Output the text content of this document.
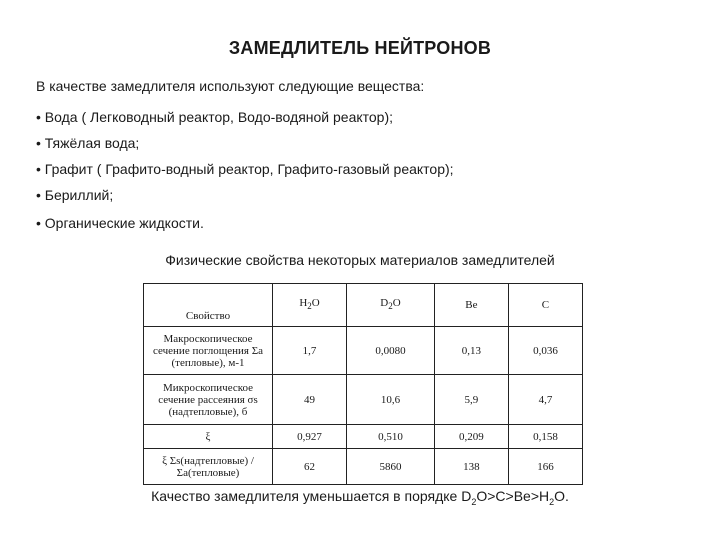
ЗАМЕДЛИТЕЛЬ НЕЙТРОНОВ
В качестве замедлителя используют следующие вещества:
• Вода ( Легководный реактор, Водо-водяной реактор);
• Тяжёлая вода;
• Графит ( Графито-водный реактор, Графито-газовый реактор);
• Бериллий;
• Органические жидкости.
Физические свойства некоторых материалов замедлителей
Свойство	$H_2O$	$D_2O$	Be	C
Макроскопическое сечение поглощения Σa (тепловые), м-1	1,7	0,0080	0,13	0,036
Микроскопическое сечение рассеяния σs (надтепловые), б	49	10,6	5,9	4,7
ξ	0,927	0,510	0,209	0,158
ξ Σs(надтепловые) / Σa(тепловые)	62	5860	138	166
Качество замедлителя уменьшается в порядке $D_2O>C>Be>H_2O$.
